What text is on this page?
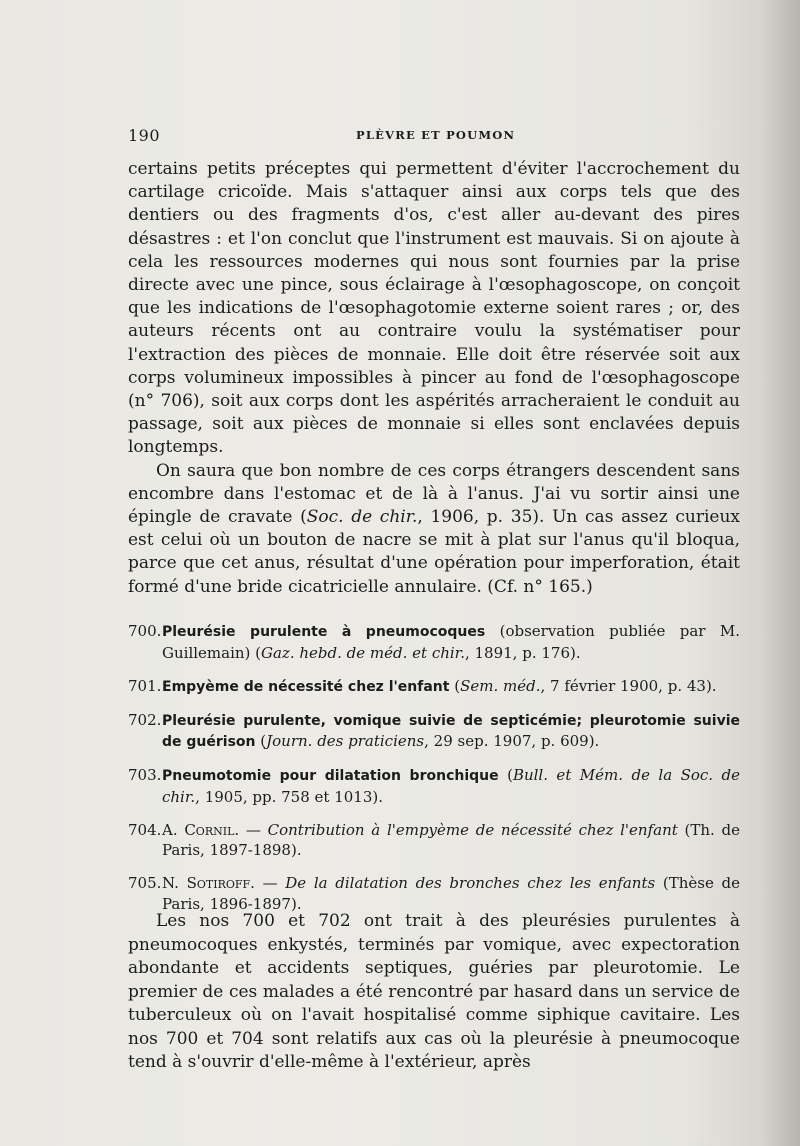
190	PLÈVRE ET POUMON

certains petits préceptes qui permettent d'éviter l'accrochement du cartilage cricoïde. Mais s'attaquer ainsi aux corps tels que des dentiers ou des fragments d'os, c'est aller au-devant des pires désastres : et l'on conclut que l'instrument est mauvais. Si on ajoute à cela les ressources modernes qui nous sont fournies par la prise directe avec une pince, sous éclairage à l'œsophagoscope, on conçoit que les indications de l'œsophagotomie externe soient rares ; or, des auteurs récents ont au contraire voulu la systématiser pour l'extraction des pièces de monnaie. Elle doit être réservée soit aux corps volumineux impossibles à pincer au fond de l'œsophagoscope (n° 706), soit aux corps dont les aspérités arracheraient le conduit au passage, soit aux pièces de monnaie si elles sont enclavées depuis longtemps.

On saura que bon nombre de ces corps étrangers descendent sans encombre dans l'estomac et de là à l'anus. J'ai vu sortir ainsi une épingle de cravate (Soc. de chir., 1906, p. 35). Un cas assez curieux est celui où un bouton de nacre se mit à plat sur l'anus qu'il bloqua, parce que cet anus, résultat d'une opération pour imperforation, était formé d'une bride cicatricielle annulaire. (Cf. n° 165.)

700. Pleurésie purulente à pneumocoques (observation publiée par M. Guillemain) (Gaz. hebd. de méd. et chir., 1891, p. 176).
701. Empyème de nécessité chez l'enfant (Sem. méd., 7 février 1900, p. 43).
702. Pleurésie purulente, vomique suivie de septicémie; pleurotomie suivie de guérison (Journ. des praticiens, 29 sep. 1907, p. 609).
703. Pneumotomie pour dilatation bronchique (Bull. et Mém. de la Soc. de chir., 1905, pp. 758 et 1013).
704. A. Cornil. — Contribution à l'empyème de nécessité chez l'enfant (Th. de Paris, 1897-1898).
705. N. Sotiroff. — De la dilatation des bronches chez les enfants (Thèse de Paris, 1896-1897).

Les nos 700 et 702 ont trait à des pleurésies purulentes à pneumocoques enkystés, terminés par vomique, avec expectoration abondante et accidents septiques, guéries par pleurotomie. Le premier de ces malades a été rencontré par hasard dans un service de tuberculeux où on l'avait hospitalisé comme siphique cavitaire. Les nos 700 et 704 sont relatifs aux cas où la pleurésie à pneumocoque tend à s'ouvrir d'elle-même à l'extérieur, après
